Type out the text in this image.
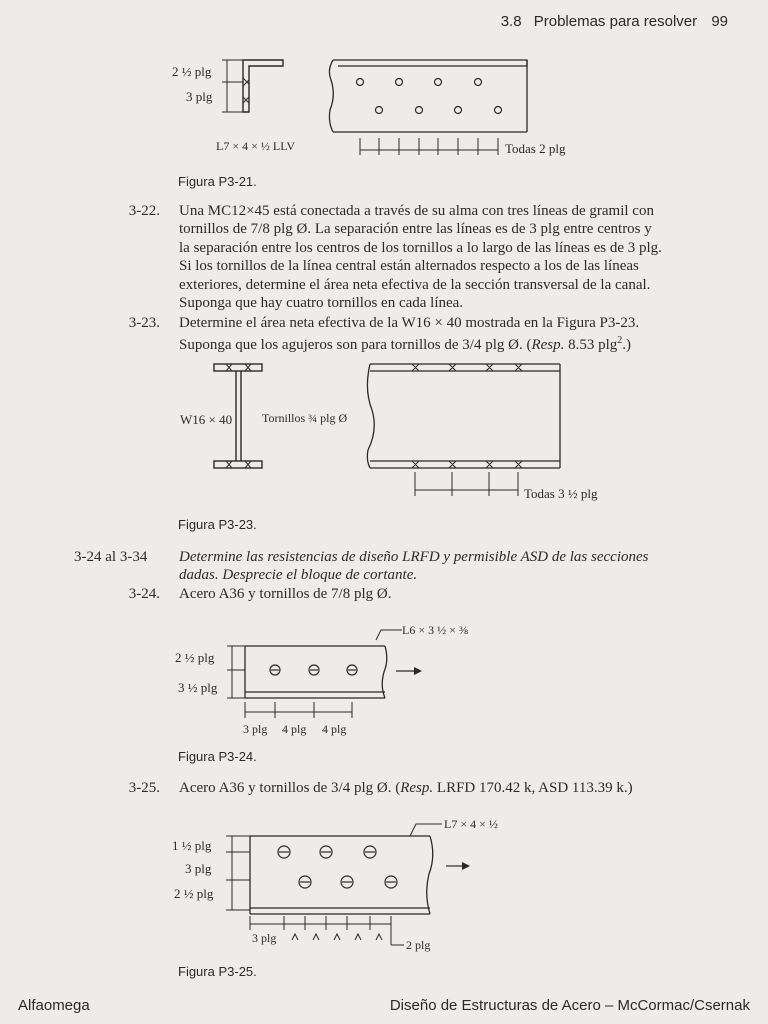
3.8 Problemas para resolver 99
2 ½ plg
3 plg
L7 × 4 × ½ LLV	Todas 2 plg
Figura P3-21.
3-22. Una MC12×45 está conectada a través de su alma con tres líneas de gramil con
tornillos de 7/8 plg Ø. La separación entre las líneas es de 3 plg entre centros y
la separación entre los centros de los tornillos a lo largo de las líneas es de 3 plg.
Si los tornillos de la línea central están alternados respecto a los de las líneas
exteriores, determine el área neta efectiva de la sección transversal de la canal.
Suponga que hay cuatro tornillos en cada línea.
3-23. Determine el área neta efectiva de la W16 × 40 mostrada en la Figura P3-23.
Suponga que los agujeros son para tornillos de 3/4 plg Ø. (Resp. 8.53 plg$^2$.)
W16 × 40 Tornillos ¾ plg Ø
Todas 3 ½ plg
Figura P3-23.
3-24 al 3-34	Determine las resistencias de diseño LRFD y permisible ASD de las secciones
dadas. Desprecie el bloque de cortante.
3-24. Acero A36 y tornillos de 7/8 plg Ø.
L6 × 3 ½ × ⅜
2 ½ plg
3 ½ plg
3 plg 4 plg 4 plg
Figura P3-24.
3-25. Acero A36 y tornillos de 3/4 plg Ø. (Resp. LRFD 170.42 k, ASD 113.39 k.)
L7 × 4 × ½
1 ½ plg
3 plg
2 ½ plg
3 plg	2 plg
Figura P3-25.
Alfaomega	Diseño de Estructuras de Acero – McCormac/Csernak
